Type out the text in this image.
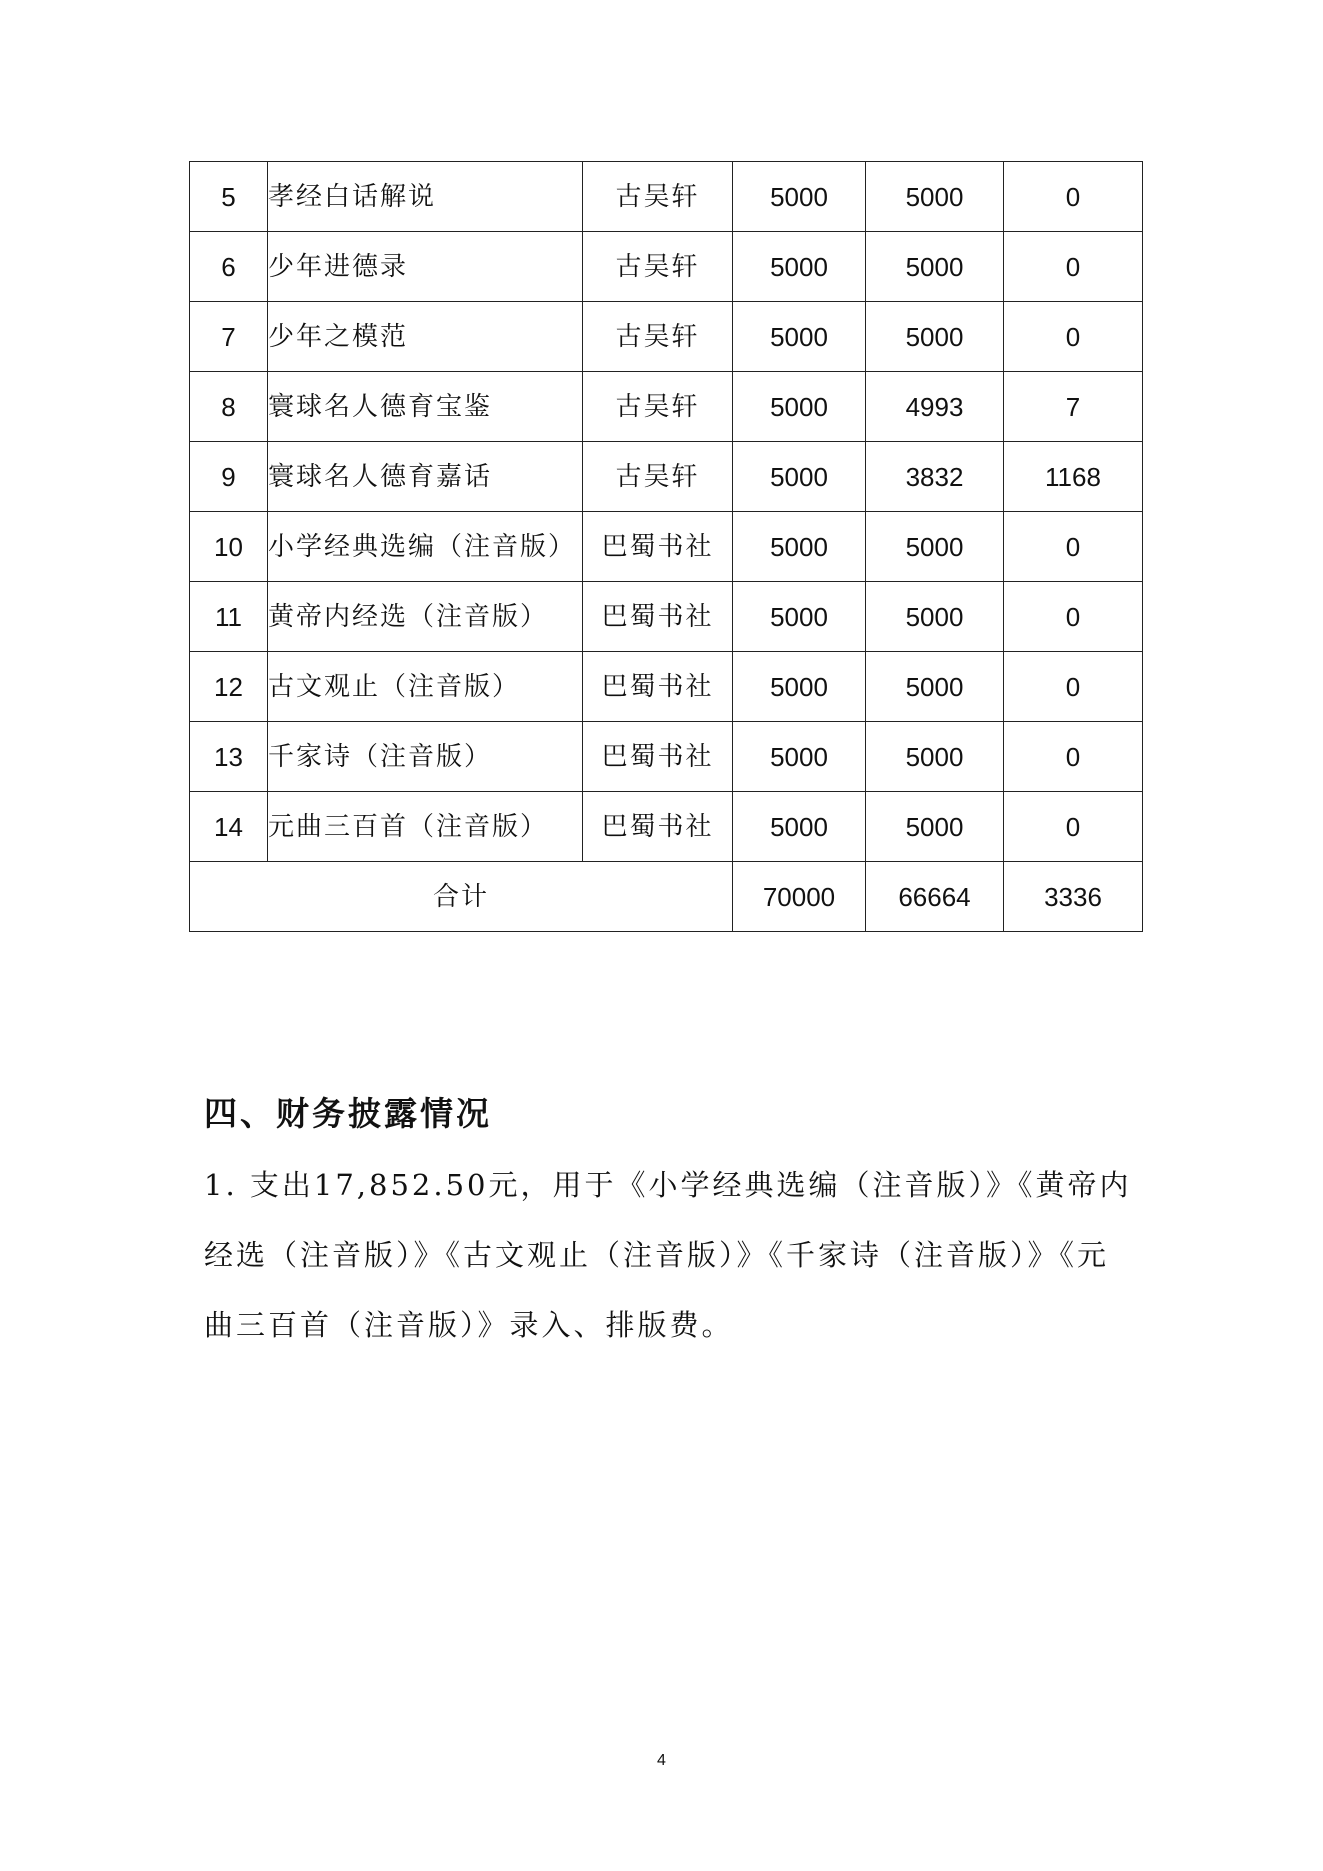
5	孝经白话解说	古吴轩	5000	5000	0
6	少年进德录	古吴轩	5000	5000	0
7	少年之模范	古吴轩	5000	5000	0
8	寰球名人德育宝鉴	古吴轩	5000	4993	7
9	寰球名人德育嘉话	古吴轩	5000	3832	1168
10	小学经典选编（注音版）	巴蜀书社	5000	5000	0
11	黄帝内经选（注音版）	巴蜀书社	5000	5000	0
12	古文观止（注音版）	巴蜀书社	5000	5000	0
13	千家诗（注音版）	巴蜀书社	5000	5000	0
14	元曲三百首（注音版）	巴蜀书社	5000	5000	0
合计			70000	66664	3336
四、财务披露情况

1. 支出17,852.50元，用于《小学经典选编（注音版）》《黄帝内经选（注音版）》《古文观止（注音版）》《千家诗（注音版）》《元曲三百首（注音版）》录入、排版费。

4
